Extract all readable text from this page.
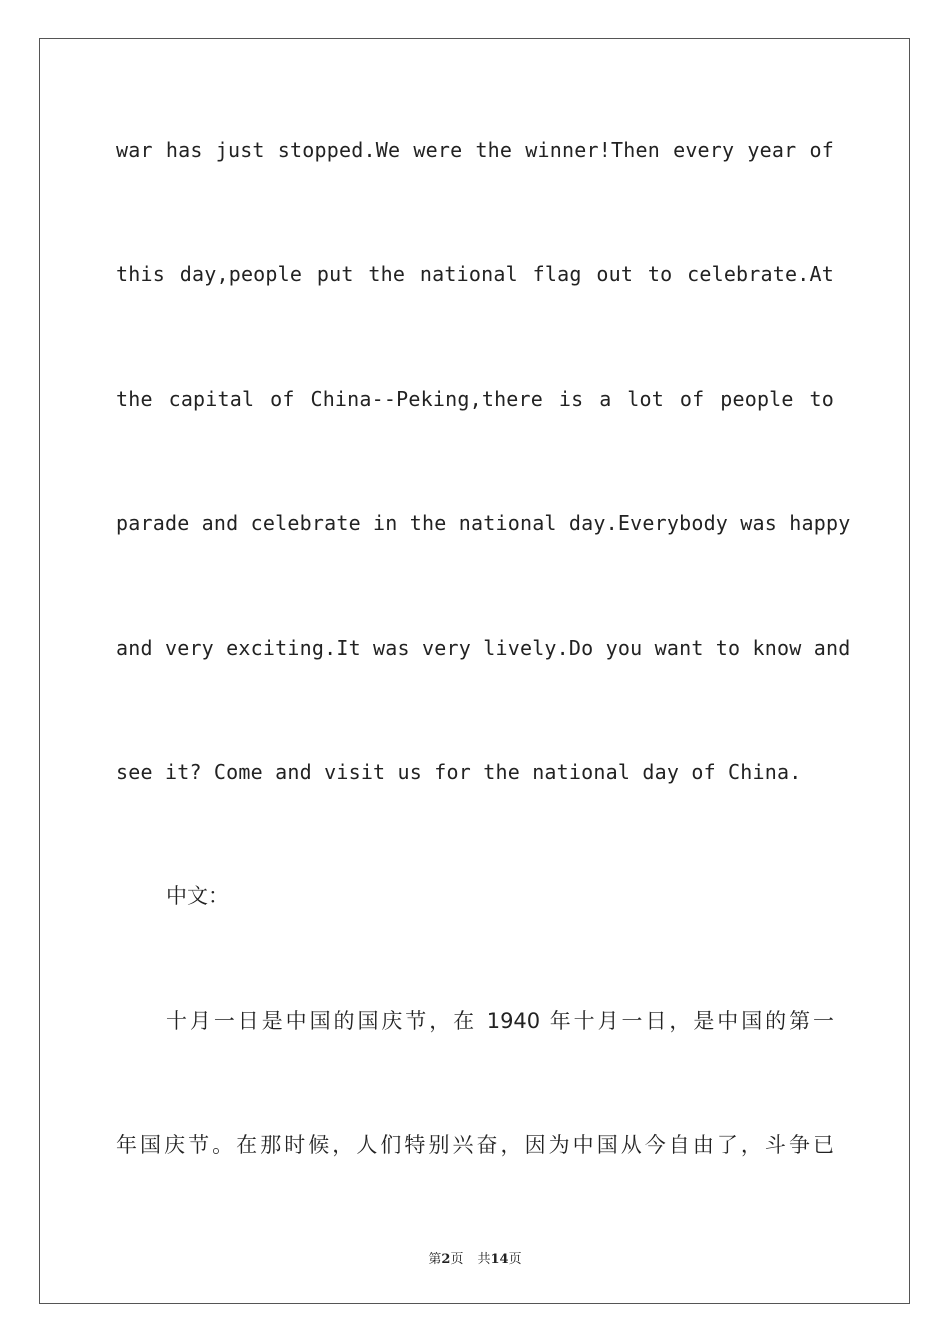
war has just stopped.We were the winner!Then every year of
this day,people put the national flag out to celebrate.At
the capital of China--Peking,there is a lot of people to
parade and celebrate in the national day.Everybody was happy
and very exciting.It was very lively.Do you want to know and
see it? Come and visit us for the national day of China.
中文：
十月一日是中国的国庆节，在 1940 年十月一日，是中国的第一
年国庆节。在那时候，人们特别兴奋，因为中国从今自由了，斗争已
第2页 共14页
